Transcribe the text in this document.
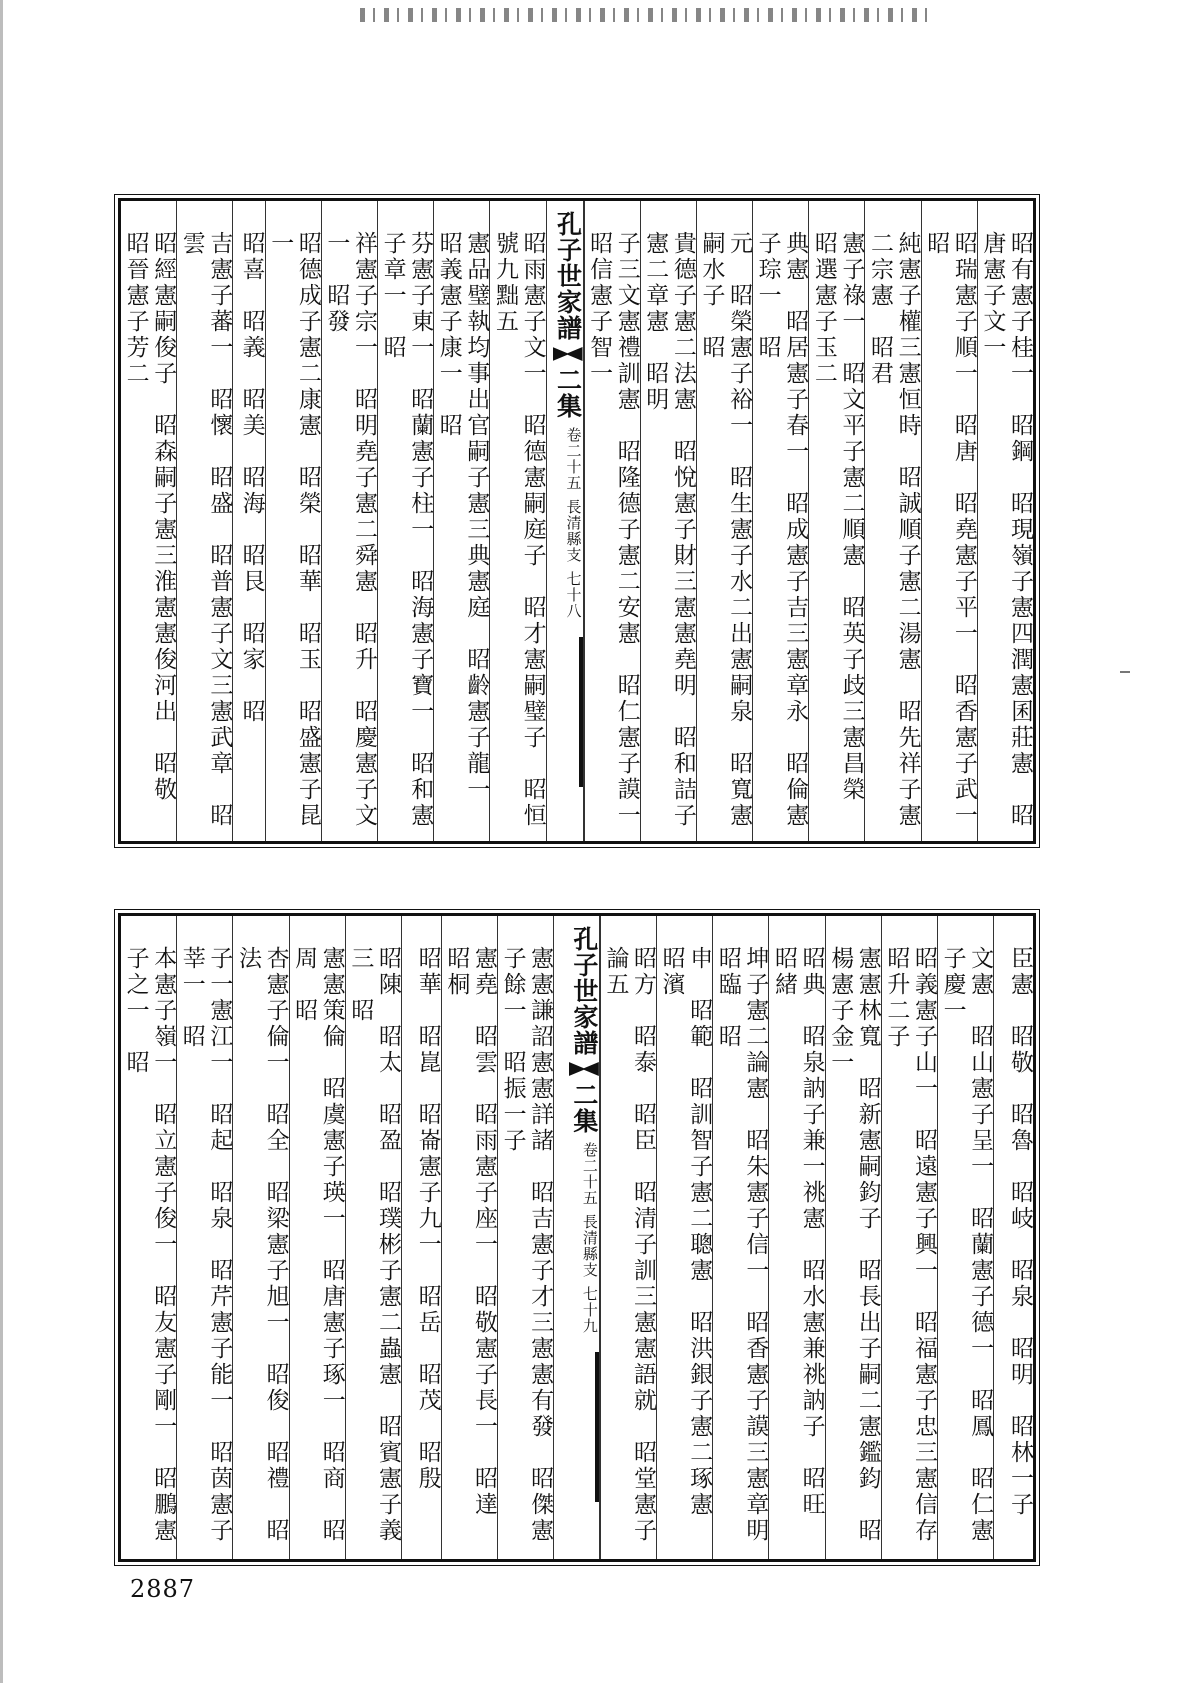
昭有憲子桂一　昭鋼　昭現嶺子憲四潤憲囷莊憲　昭唐憲子文一
昭瑞憲子順一　昭唐　昭堯憲子平一　昭香憲子武一　昭
純憲子權三憲恒時　昭誠順子憲二湯憲　昭先祥子憲二宗憲　昭君
憲子祿一　昭文平子憲二順憲　昭英子歧三憲昌榮　昭選憲子玉二
典憲　昭居憲子春一　昭成憲子吉三憲章永　昭倫憲子琮一　昭
元　昭榮憲子裕一　昭生憲子水二出憲嗣泉　昭寬憲嗣水子　昭
貴德子憲二法憲　昭悅憲子財三憲憲堯明　昭和詰子憲二章憲　昭明
子三文憲禮訓憲　昭隆德子憲二安憲　昭仁憲子謨一　昭信憲子智一
孔子世家譜
二集
卷二十五
長清縣支
七十八
昭雨憲子文一　昭德憲嗣庭子　昭才憲嗣璧子　昭恒號九黜五
憲品璧執均事出官嗣子憲三典憲庭　昭齡憲子龍一　昭義憲子康一　昭
芬憲子東一　昭蘭憲子柱一　昭海憲子寶一　昭和憲子章一　昭
祥憲子宗一　昭明堯子憲二舜憲　昭升　昭慶憲子文一　昭發
昭德成子憲二康憲　昭榮　昭華　昭玉　昭盛憲子昆一
昭喜　昭義　昭美　昭海　昭艮　昭家　昭
吉憲子蕃一　昭懷　昭盛　昭普憲子文三憲武章　昭雲
昭經憲嗣俊子　昭森嗣子憲三淮憲憲俊河出　昭敬　昭晉憲子芳二
臣憲　昭敬　昭魯　昭岐　昭泉　昭明　昭林一子
文憲　昭山憲子呈一　昭蘭憲子德一　昭鳳　昭仁憲子慶一
昭義憲子山一　昭遠憲子興一　昭福憲子忠三憲信存　昭升二子
憲憲林寬　昭新憲嗣鈞子　昭長出子嗣二憲鑑鈞　昭楊憲子金一
昭典　昭泉訥子兼一祧憲　昭水憲兼祧訥子　昭旺　昭緒
坤子憲二論憲　昭朱憲子信一　昭香憲子謨三憲章明　昭臨　昭
申　昭範　昭訓智子憲二聰憲　昭洪銀子憲二琢憲　昭濱
昭方　昭泰　昭臣　昭清子訓三憲憲語就　昭堂憲子論五
孔子世家譜
二集
卷二十五
長清縣支
七十九
憲憲謙詔憲憲詳諸　昭吉憲子才三憲憲有發　昭傑憲子餘一　昭振一子
憲堯　昭雲　昭雨憲子座一　昭敬憲子長一　昭達　昭桐
昭華　昭崑　昭崙憲子九一　昭岳　昭茂　昭殷
昭陳　昭太　昭盈　昭璞彬子憲二蟲憲　昭賓憲子義三　昭
憲憲策倫　昭虞憲子瑛一　昭唐憲子琢一　昭商　昭周　昭
杏憲子倫一　昭全　昭梁憲子旭一　昭俊　昭禮　昭法
子一憲江一　昭起　昭泉　昭芹憲子能一　昭茵憲子莘一　昭
本憲子嶺一　昭立憲子俊一　昭友憲子剛一　昭鵬憲子之一　昭
2887
